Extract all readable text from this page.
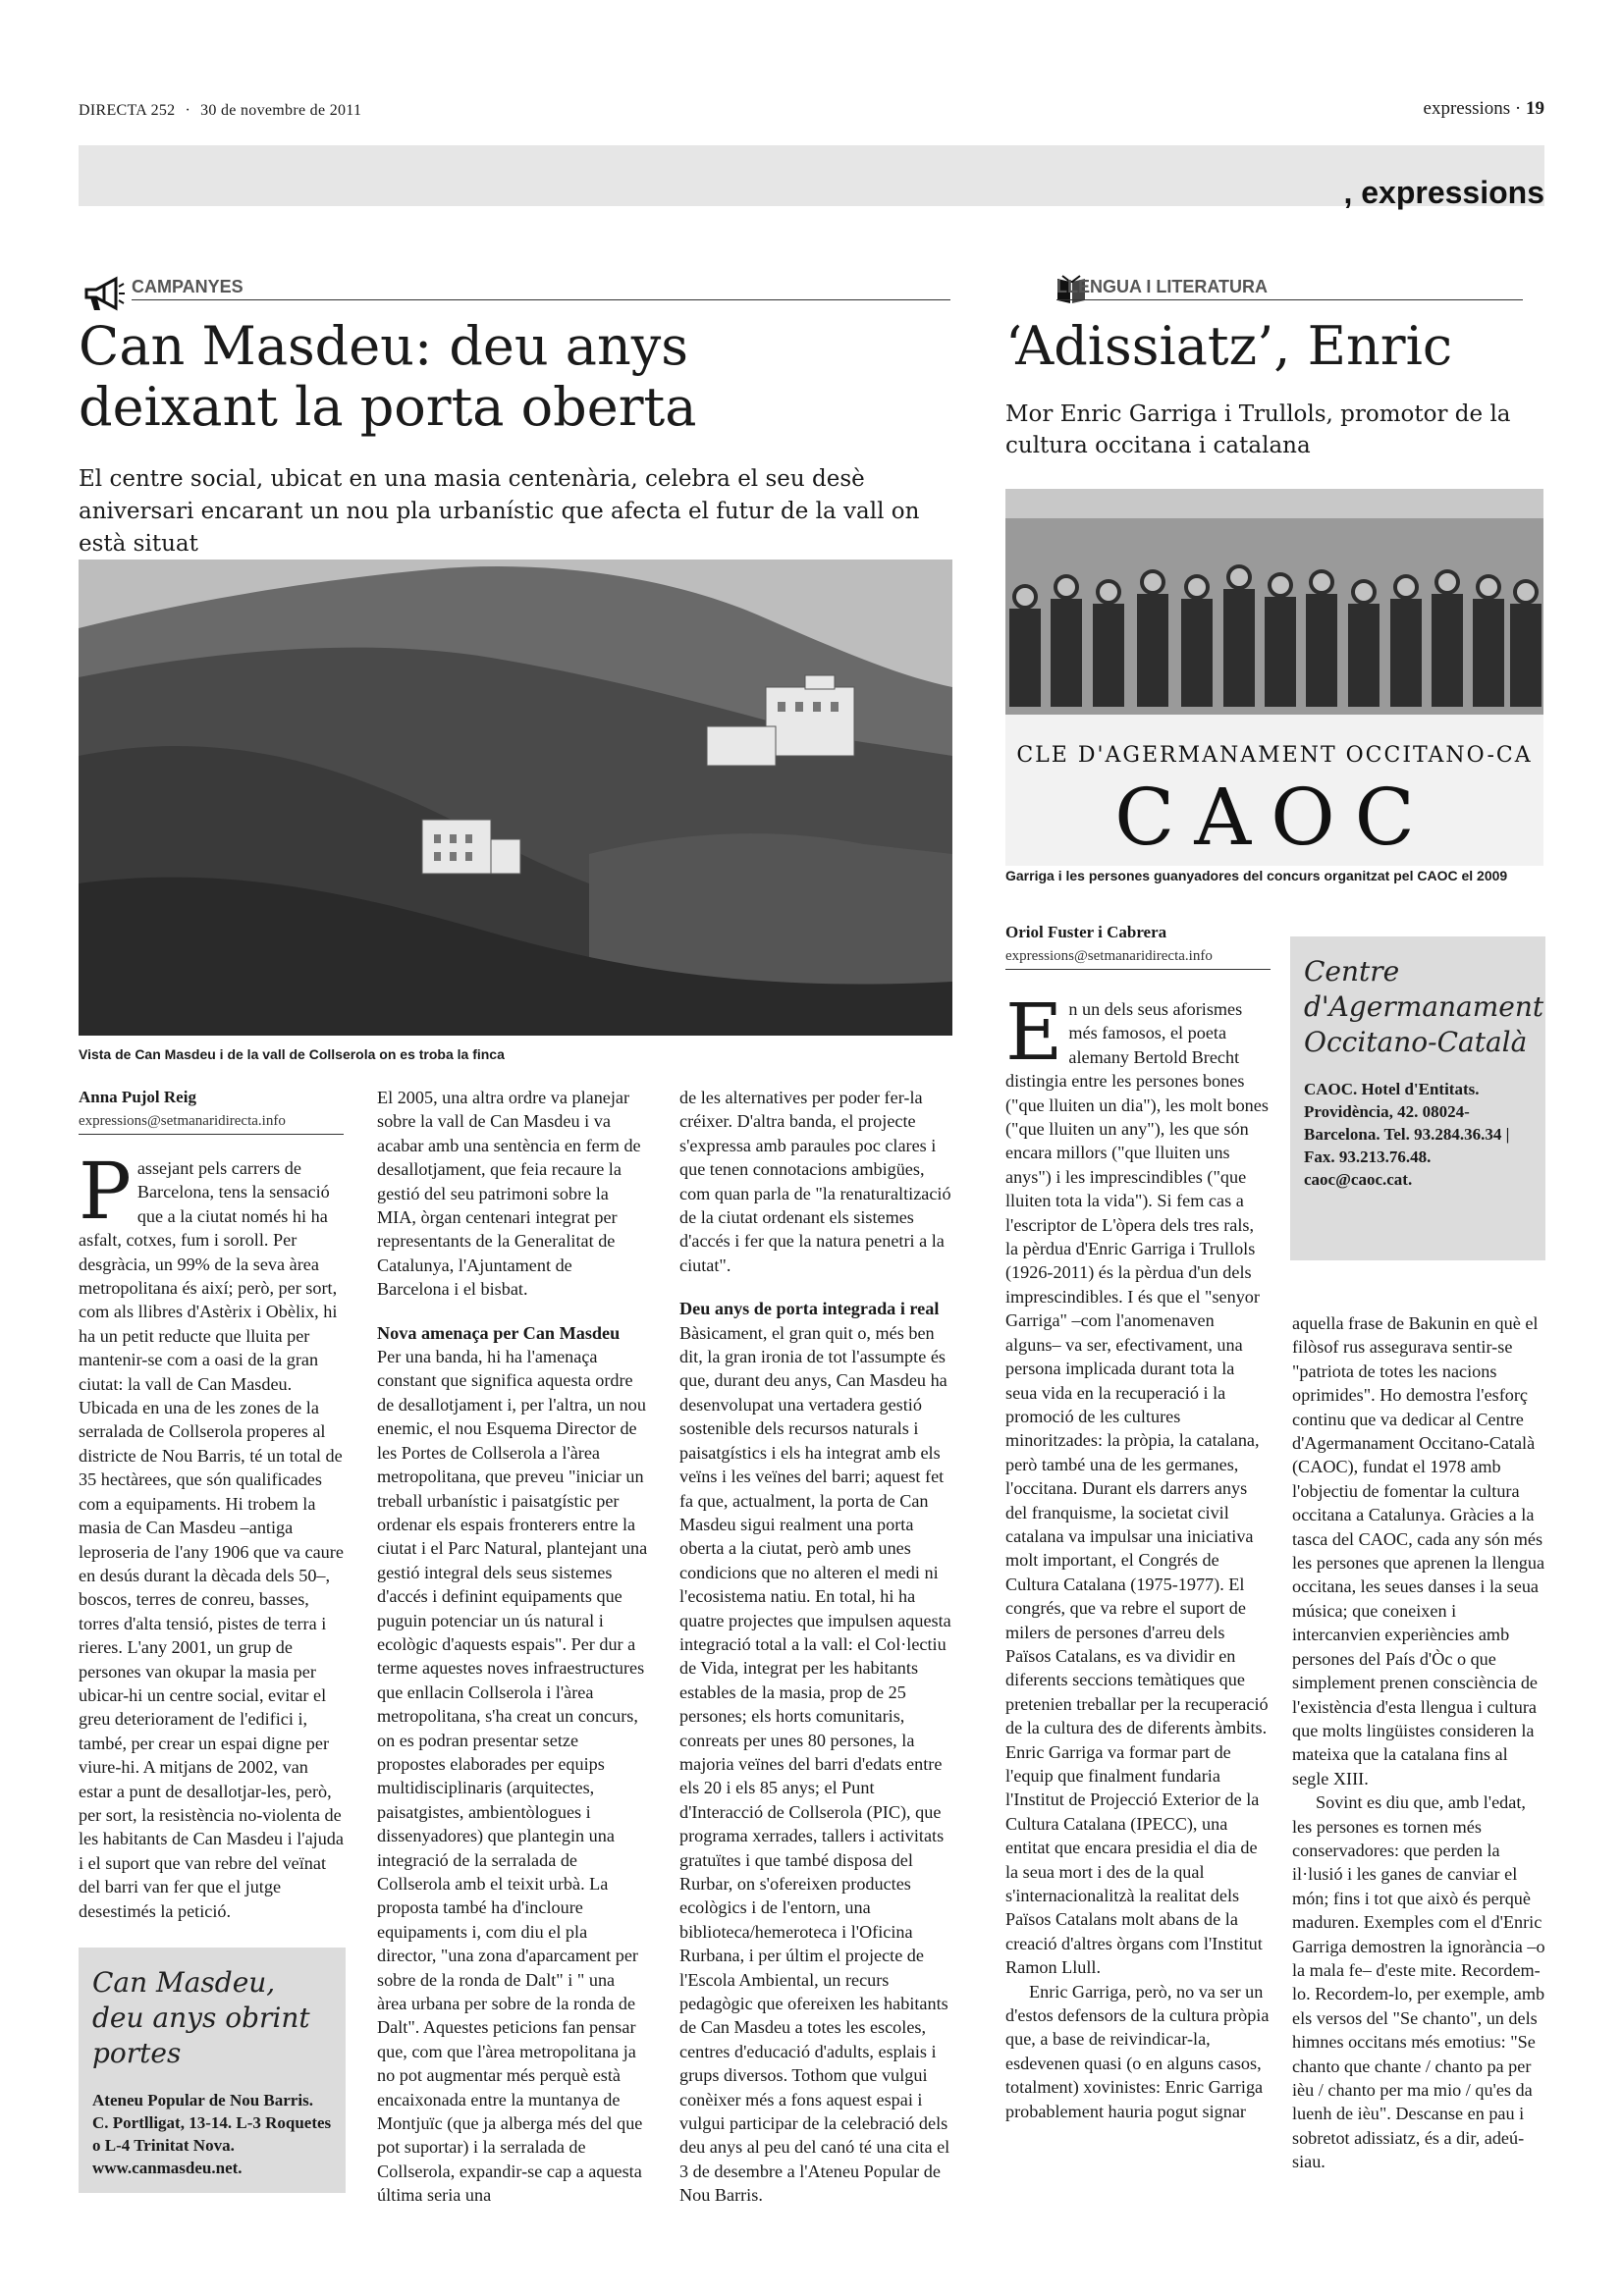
DIRECTA 252 · 30 de novembre de 2011	expressions · 19
, expressions
CAMPANYES
Can Masdeu: deu anys
deixant la porta oberta
El centre social, ubicat en una masia centenària, celebra el seu desè aniversari encarant un nou pla urbanístic que afecta el futur de la vall on està situat
Vista de Can Masdeu i de la vall de Collserola on es troba la finca
Anna Pujol Reig
expressions@setmanaridirecta.info
P assejant pels carrers de Barcelona, tens la sensació que a la ciutat només hi ha asfalt, cotxes, fum i soroll. Per desgràcia, un 99% de la seva àrea metropolitana és així; però, per sort, com als llibres d'Astèrix i Obèlix, hi ha un petit reducte que lluita per mantenir-se com a oasi de la gran ciutat: la vall de Can Masdeu. Ubicada en una de les zones de la serralada de Collserola properes al districte de Nou Barris, té un total de 35 hectàrees, que són qualificades com a equipaments. Hi trobem la masia de Can Masdeu –antiga leproseria de l'any 1906 que va caure en desús durant la dècada dels 50–, boscos, terres de conreu, basses, torres d'alta tensió, pistes de terra i rieres. L'any 2001, un grup de persones van okupar la masia per ubicar-hi un centre social, evitar el greu deteriorament de l'edifici i, també, per crear un espai digne per viure-hi. A mitjans de 2002, van estar a punt de desallotjar-les, però, per sort, la resistència no-violenta de les habitants de Can Masdeu i l'ajuda i el suport que van rebre del veïnat del barri van fer que el jutge desestimés la petició.

El 2005, una altra ordre va planejar sobre la vall de Can Masdeu i va acabar amb una sentència en ferm de desallotjament, que feia recaure la gestió del seu patrimoni sobre la MIA, òrgan centenari integrat per representants de la Generalitat de Catalunya, l'Ajuntament de Barcelona i el bisbat.

Nova amenaça per Can Masdeu

Per una banda, hi ha l'amenaça constant que significa aquesta ordre de desallotjament i, per l'altra, un nou enemic, el nou Esquema Director de les Portes de Collserola a l'àrea metropolitana, que preveu "iniciar un treball urbanístic i paisatgístic per ordenar els espais fronterers entre la ciutat i el Parc Natural, plantejant una gestió integral dels seus sistemes d'accés i definint equipaments que puguin potenciar un ús natural i ecològic d'aquests espais". Per dur a terme aquestes noves infraestructures que enllacin Collserola i l'àrea metropolitana, s'ha creat un concurs, on es podran presentar setze propostes elaborades per equips multidisciplinaris (arquitectes, paisatgistes, ambientòlogues i dissenyadores) que plantegin una integració de la serralada de Collserola amb el teixit urbà. La proposta també ha d'incloure equipaments i, com diu el pla director, "una zona d'aparcament per sobre de la ronda de Dalt" i " una àrea urbana per sobre de la ronda de Dalt". Aquestes peticions fan pensar que, com que l'àrea metropolitana ja no pot augmentar més perquè està encaixonada entre la muntanya de Montjuïc (que ja alberga més del que pot suportar) i la serralada de Collserola, expandir-se cap a aquesta última seria una

de les alternatives per poder fer-la créixer. D'altra banda, el projecte s'expressa amb paraules poc clares i que tenen connotacions ambigües, com quan parla de "la renaturaltizació de la ciutat ordenant els sistemes d'accés i fer que la natura penetri a la ciutat".

Deu anys de porta integrada i real

Bàsicament, el gran quit o, més ben dit, la gran ironia de tot l'assumpte és que, durant deu anys, Can Masdeu ha desenvolupat una vertadera gestió sostenible dels recursos naturals i paisatgístics i els ha integrat amb els veïns i les veïnes del barri; aquest fet fa que, actualment, la porta de Can Masdeu sigui realment una porta oberta a la ciutat, però amb unes condicions que no alteren el medi ni l'ecosistema natiu. En total, hi ha quatre projectes que impulsen aquesta integració total a la vall: el Col·lectiu de Vida, integrat per les habitants estables de la masia, prop de 25 persones; els horts comunitaris, conreats per unes 80 persones, la majoria veïnes del barri d'edats entre els 20 i els 85 anys; el Punt d'Interacció de Collserola (PIC), que programa xerrades, tallers i activitats gratuïtes i que també disposa del Rurbar, on s'ofereixen productes ecològics i de l'entorn, una biblioteca/hemeroteca i l'Oficina Rurbana, i per últim el projecte de l'Escola Ambiental, un recurs pedagògic que ofereixen les habitants de Can Masdeu a totes les escoles, centres d'educació d'adults, esplais i grups diversos. Tothom que vulgui conèixer més a fons aquest espai i vulgui participar de la celebració dels deu anys al peu del canó té una cita el 3 de desembre a l'Ateneu Popular de Nou Barris.

Can Masdeu, deu anys obrint portes
Ateneu Popular de Nou Barris. C. Portlligat, 13-14. L-3 Roquetes o L-4 Trinitat Nova. www.canmasdeu.net.
LLENGUA I LITERATURA
‘Adissiatz’, Enric
Mor Enric Garriga i Trullols, promotor de la cultura occitana i catalana
CLE D'AGERMANAMENT OCCITANO-CA
CAOC
Garriga i les persones guanyadores del concurs organitzat pel CAOC el 2009
Oriol Fuster i Cabrera
expressions@setmanaridirecta.info	Centre d'Agermanament Occitano-Català
CAOC. Hotel d'Entitats. Providència, 42. 08024-Barcelona. Tel. 93.284.36.34 | Fax. 93.213.76.48. caoc@caoc.cat.
E n un dels seus aforismes més famosos, el poeta alemany Bertold Brecht distingia entre les persones bones ("que lluiten un dia"), les molt bones ("que lluiten un any"), les que són encara millors ("que lluiten uns anys") i les imprescindibles ("que lluiten tota la vida"). Si fem cas a l'escriptor de L'òpera dels tres rals, la pèrdua d'Enric Garriga i Trullols (1926-2011) és la pèrdua d'un dels imprescindibles. I és que el "senyor Garriga" –com l'anomenaven alguns– va ser, efectivament, una persona implicada durant tota la seua vida en la recuperació i la promoció de les cultures minoritzades: la pròpia, la catalana, però també una de les germanes, l'occitana. Durant els darrers anys del franquisme, la societat civil catalana va impulsar una iniciativa molt important, el Congrés de Cultura Catalana (1975-1977). El congrés, que va rebre el suport de milers de persones d'arreu dels Països Catalans, es va dividir en diferents seccions temàtiques que pretenien treballar per la recuperació de la cultura des de diferents àmbits. Enric Garriga va formar part de l'equip que finalment fundaria l'Institut de Projecció Exterior de la Cultura Catalana (IPECC), una entitat que encara presidia el dia de la seua mort i des de la qual s'internacionalitzà la realitat dels Països Catalans molt abans de la creació d'altres òrgans com l'Institut Ramon Llull.

Enric Garriga, però, no va ser un d'estos defensors de la cultura pròpia que, a base de reivindicar-la, esdevenen quasi (o en alguns casos, totalment) xovinistes: Enric Garriga probablement hauria pogut signar

aquella frase de Bakunin en què el filòsof rus assegurava sentir-se "patriota de totes les nacions oprimides". Ho demostra l'esforç continu que va dedicar al Centre d'Agermanament Occitano-Català (CAOC), fundat el 1978 amb l'objectiu de fomentar la cultura occitana a Catalunya. Gràcies a la tasca del CAOC, cada any són més les persones que aprenen la llengua occitana, les seues danses i la seua música; que coneixen i intercanvien experiències amb persones del País d'Òc o que simplement prenen consciència de l'existència d'esta llengua i cultura que molts lingüistes consideren la mateixa que la catalana fins al segle XIII.

Sovint es diu que, amb l'edat, les persones es tornen més conservadores: que perden la il·lusió i les ganes de canviar el món; fins i tot que això és perquè maduren. Exemples com el d'Enric Garriga demostren la ignorància –o la mala fe– d'este mite. Recordem-lo. Recordem-lo, per exemple, amb els versos del "Se chanto", un dels himnes occitans més emotius: "Se chanto que chante / chanto pa per ièu / chanto per ma mio / qu'es da luenh de ièu". Descanse en pau i sobretot adissiatz, és a dir, adeú-siau.
